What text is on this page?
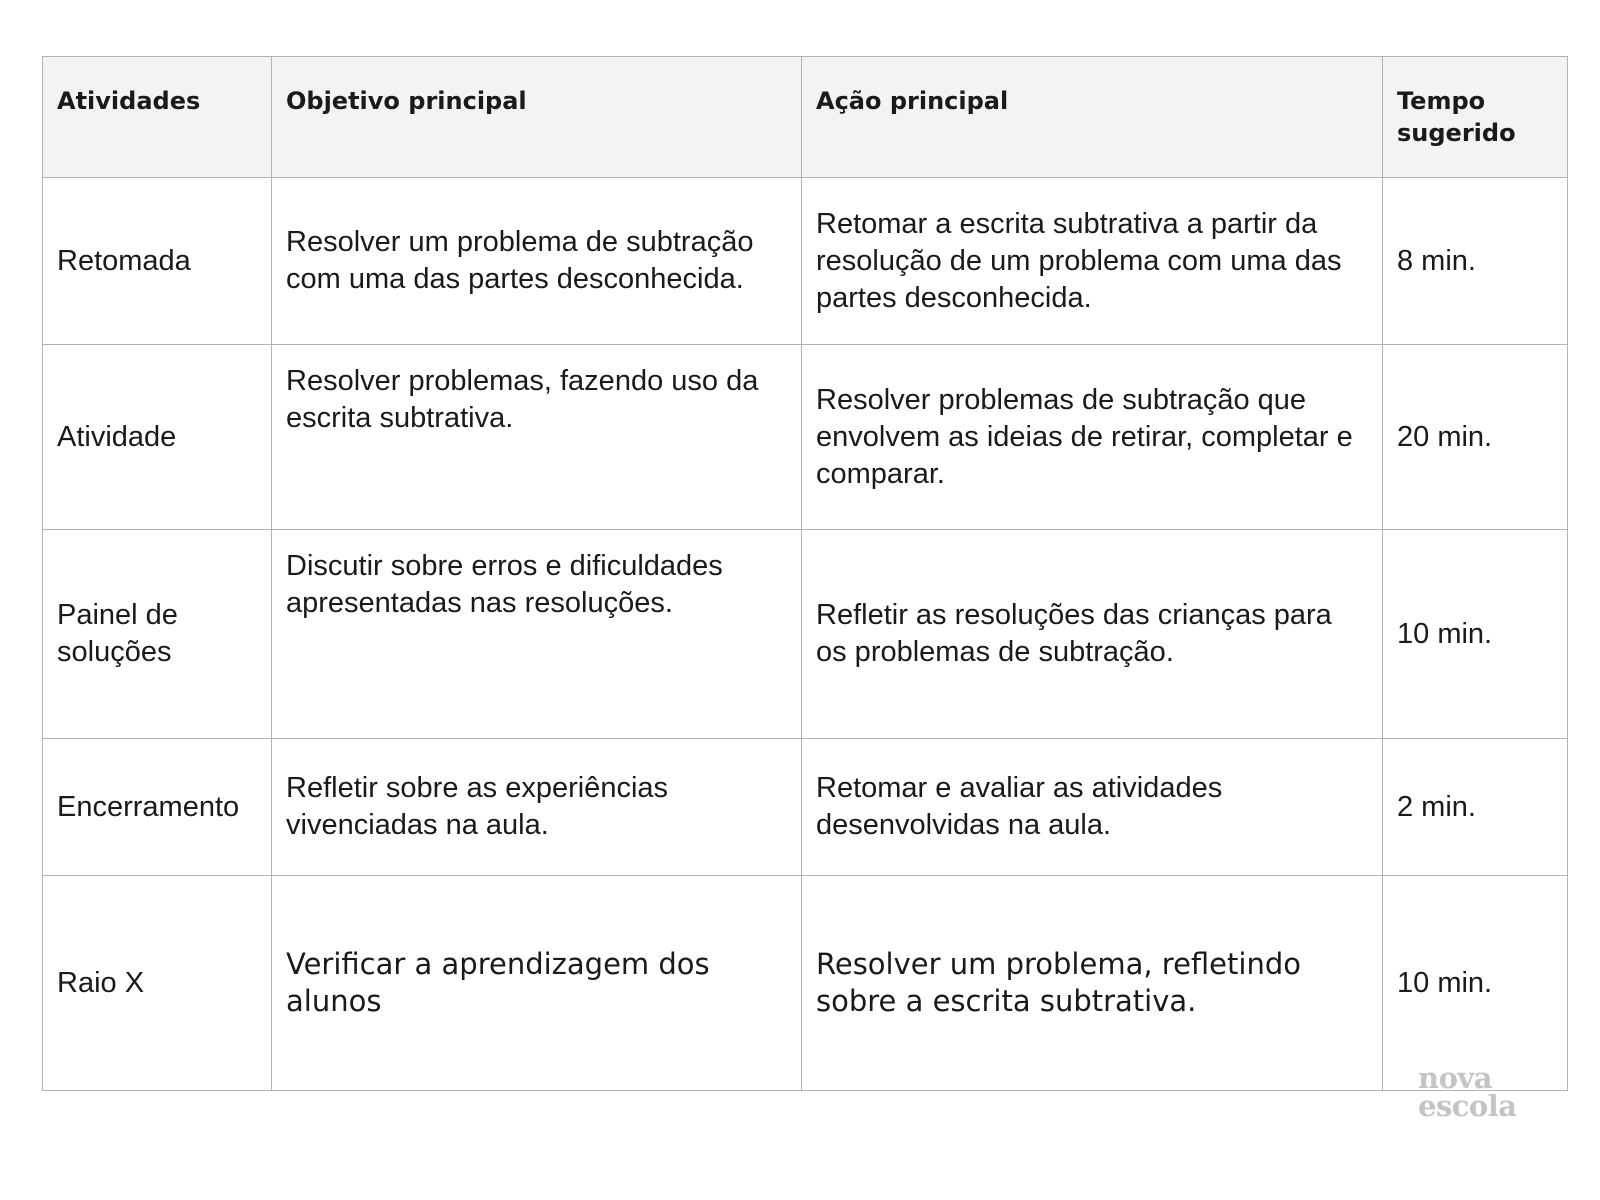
Atividades	Objetivo principal	Ação principal	Tempo sugerido
Retomada	Resolver um problema de subtração com uma das partes desconhecida.	Retomar a escrita subtrativa a partir da resolução de um problema com uma das partes desconhecida.	8 min.
Atividade	Resolver problemas, fazendo uso da escrita subtrativa.	Resolver problemas de subtração que envolvem as ideias de retirar, completar e comparar.	20 min.
Painel de soluções	Discutir sobre erros e dificuldades apresentadas nas resoluções.	Refletir as resoluções das crianças para os problemas de subtração.	10 min.
Encerramento	Refletir sobre as experiências vivenciadas na aula.	Retomar e avaliar as atividades desenvolvidas na aula.	2 min.
Raio X	Verificar a aprendizagem dos alunos	Resolver um problema, refletindo sobre a escrita subtrativa.	10 min.
nova
escola
